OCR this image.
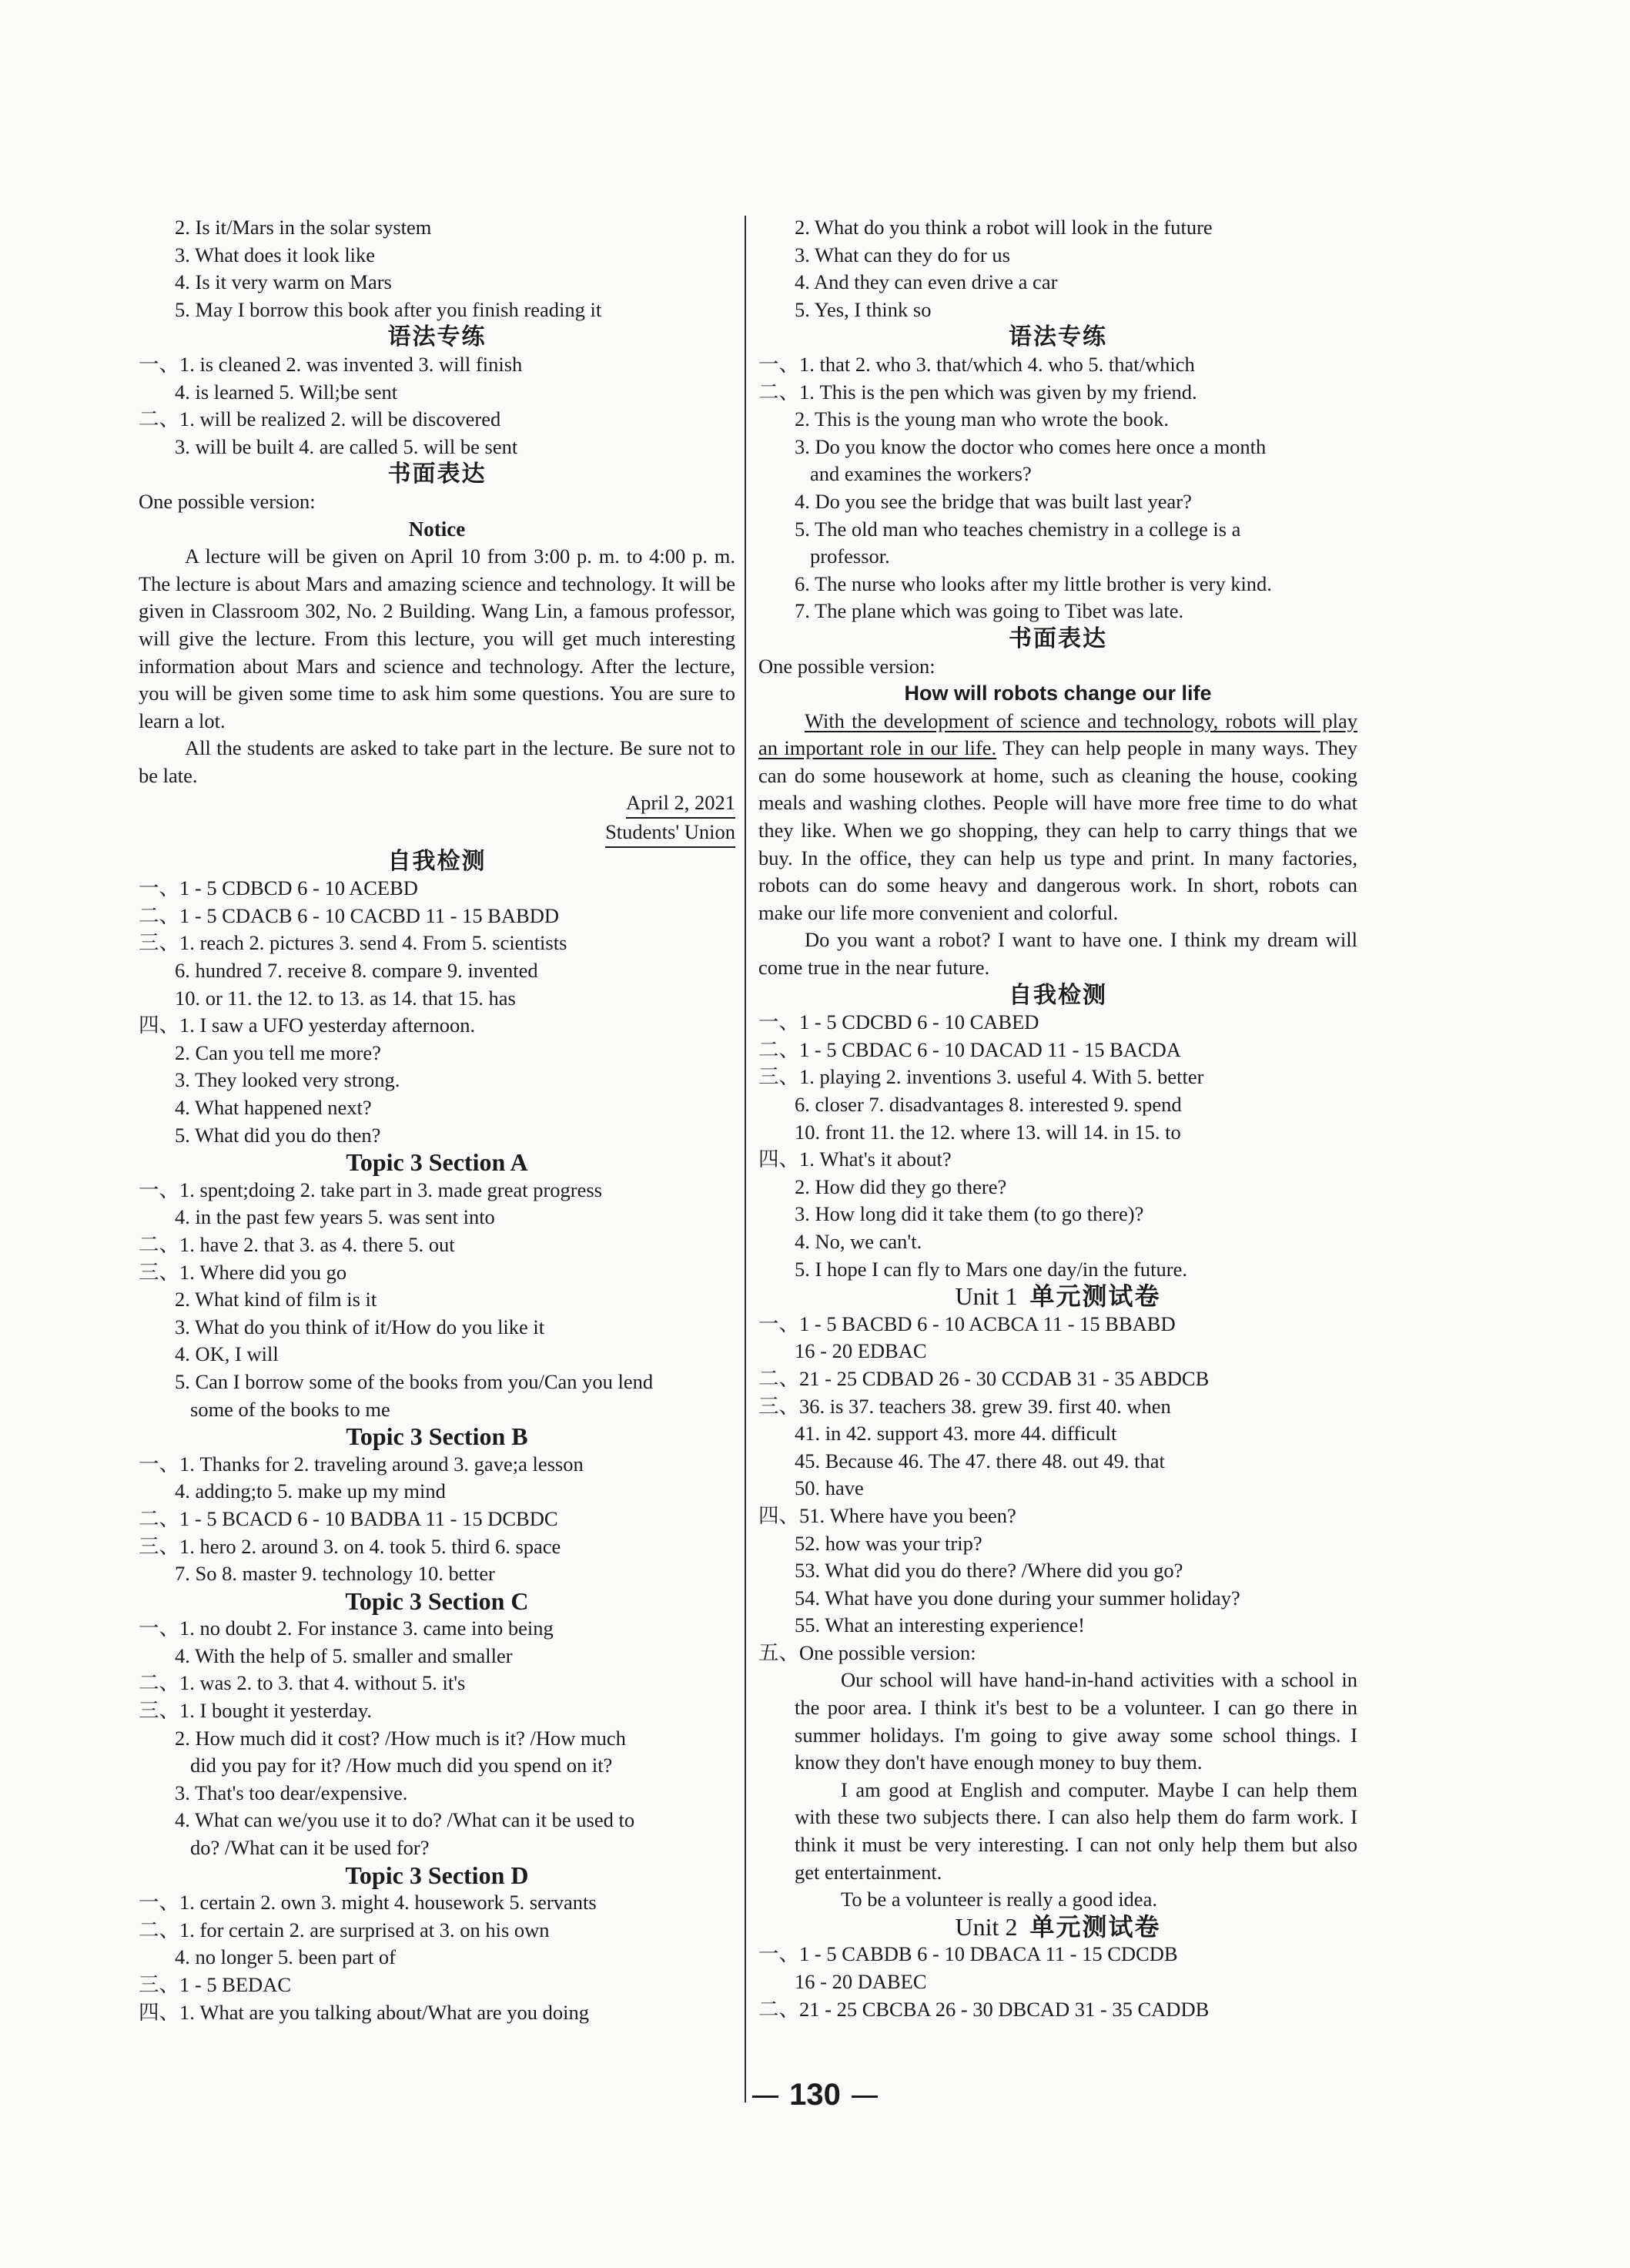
2. Is it/Mars in the solar system
3. What does it look like
4. Is it very warm on Mars
5. May I borrow this book after you finish reading it
语法专练
一、1. is cleaned 2. was invented 3. will finish
4. is learned 5. Will;be sent
二、1. will be realized 2. will be discovered
3. will be built 4. are called 5. will be sent
书面表达
One possible version:
Notice
A lecture will be given on April 10 from 3:00 p. m. to 4:00 p. m. The lecture is about Mars and amazing science and technology. It will be given in Classroom 302, No. 2 Building. Wang Lin, a famous professor, will give the lecture. From this lecture, you will get much interesting information about Mars and science and technology. After the lecture, you will be given some time to ask him some questions. You are sure to learn a lot.
All the students are asked to take part in the lecture. Be sure not to be late.
April 2, 2021
Students' Union
自我检测
一、1 - 5 CDBCD 6 - 10 ACEBD
二、1 - 5 CDACB 6 - 10 CACBD 11 - 15 BABDD
三、1. reach 2. pictures 3. send 4. From 5. scientists
6. hundred 7. receive 8. compare 9. invented
10. or 11. the 12. to 13. as 14. that 15. has
四、1. I saw a UFO yesterday afternoon.
2. Can you tell me more?
3. They looked very strong.
4. What happened next?
5. What did you do then?
Topic 3 Section A
一、1. spent;doing 2. take part in 3. made great progress
4. in the past few years 5. was sent into
二、1. have 2. that 3. as 4. there 5. out
三、1. Where did you go
2. What kind of film is it
3. What do you think of it/How do you like it
4. OK, I will
5. Can I borrow some of the books from you/Can you lend
some of the books to me
Topic 3 Section B
一、1. Thanks for 2. traveling around 3. gave;a lesson
4. adding;to 5. make up my mind
二、1 - 5 BCACD 6 - 10 BADBA 11 - 15 DCBDC
三、1. hero 2. around 3. on 4. took 5. third 6. space
7. So 8. master 9. technology 10. better
Topic 3 Section C
一、1. no doubt 2. For instance 3. came into being
4. With the help of 5. smaller and smaller
二、1. was 2. to 3. that 4. without 5. it's
三、1. I bought it yesterday.
2. How much did it cost? /How much is it? /How much
did you pay for it? /How much did you spend on it?
3. That's too dear/expensive.
4. What can we/you use it to do? /What can it be used to
do? /What can it be used for?
Topic 3 Section D
一、1. certain 2. own 3. might 4. housework 5. servants
二、1. for certain 2. are surprised at 3. on his own
4. no longer 5. been part of
三、1 - 5 BEDAC
四、1. What are you talking about/What are you doing
2. What do you think a robot will look in the future
3. What can they do for us
4. And they can even drive a car
5. Yes, I think so
语法专练
一、1. that 2. who 3. that/which 4. who 5. that/which
二、1. This is the pen which was given by my friend.
2. This is the young man who wrote the book.
3. Do you know the doctor who comes here once a month
and examines the workers?
4. Do you see the bridge that was built last year?
5. The old man who teaches chemistry in a college is a
professor.
6. The nurse who looks after my little brother is very kind.
7. The plane which was going to Tibet was late.
书面表达
One possible version:
How will robots change our life
With the development of science and technology, robots will play an important role in our life. They can help people in many ways. They can do some housework at home, such as cleaning the house, cooking meals and washing clothes. People will have more free time to do what they like. When we go shopping, they can help to carry things that we buy. In the office, they can help us type and print. In many factories, robots can do some heavy and dangerous work. In short, robots can make our life more convenient and colorful.
Do you want a robot? I want to have one. I think my dream will come true in the near future.
自我检测
一、1 - 5 CDCBD 6 - 10 CABED
二、1 - 5 CBDAC 6 - 10 DACAD 11 - 15 BACDA
三、1. playing 2. inventions 3. useful 4. With 5. better
6. closer 7. disadvantages 8. interested 9. spend
10. front 11. the 12. where 13. will 14. in 15. to
四、1. What's it about?
2. How did they go there?
3. How long did it take them (to go there)?
4. No, we can't.
5. I hope I can fly to Mars one day/in the future.
Unit 1 单元测试卷
一、1 - 5 BACBD 6 - 10 ACBCA 11 - 15 BBABD
16 - 20 EDBAC
二、21 - 25 CDBAD 26 - 30 CCDAB 31 - 35 ABDCB
三、36. is 37. teachers 38. grew 39. first 40. when
41. in 42. support 43. more 44. difficult
45. Because 46. The 47. there 48. out 49. that
50. have
四、51. Where have you been?
52. how was your trip?
53. What did you do there? /Where did you go?
54. What have you done during your summer holiday?
55. What an interesting experience!
五、One possible version:
Our school will have hand-in-hand activities with a school in the poor area. I think it's best to be a volunteer. I can go there in summer holidays. I'm going to give away some school things. I know they don't have enough money to buy them.
I am good at English and computer. Maybe I can help them with these two subjects there. I can also help them do farm work. I think it must be very interesting. I can not only help them but also get entertainment.
To be a volunteer is really a good idea.
Unit 2 单元测试卷
一、1 - 5 CABDB 6 - 10 DBACA 11 - 15 CDCDB
16 - 20 DABEC
二、21 - 25 CBCBA 26 - 30 DBCAD 31 - 35 CADDB
130
